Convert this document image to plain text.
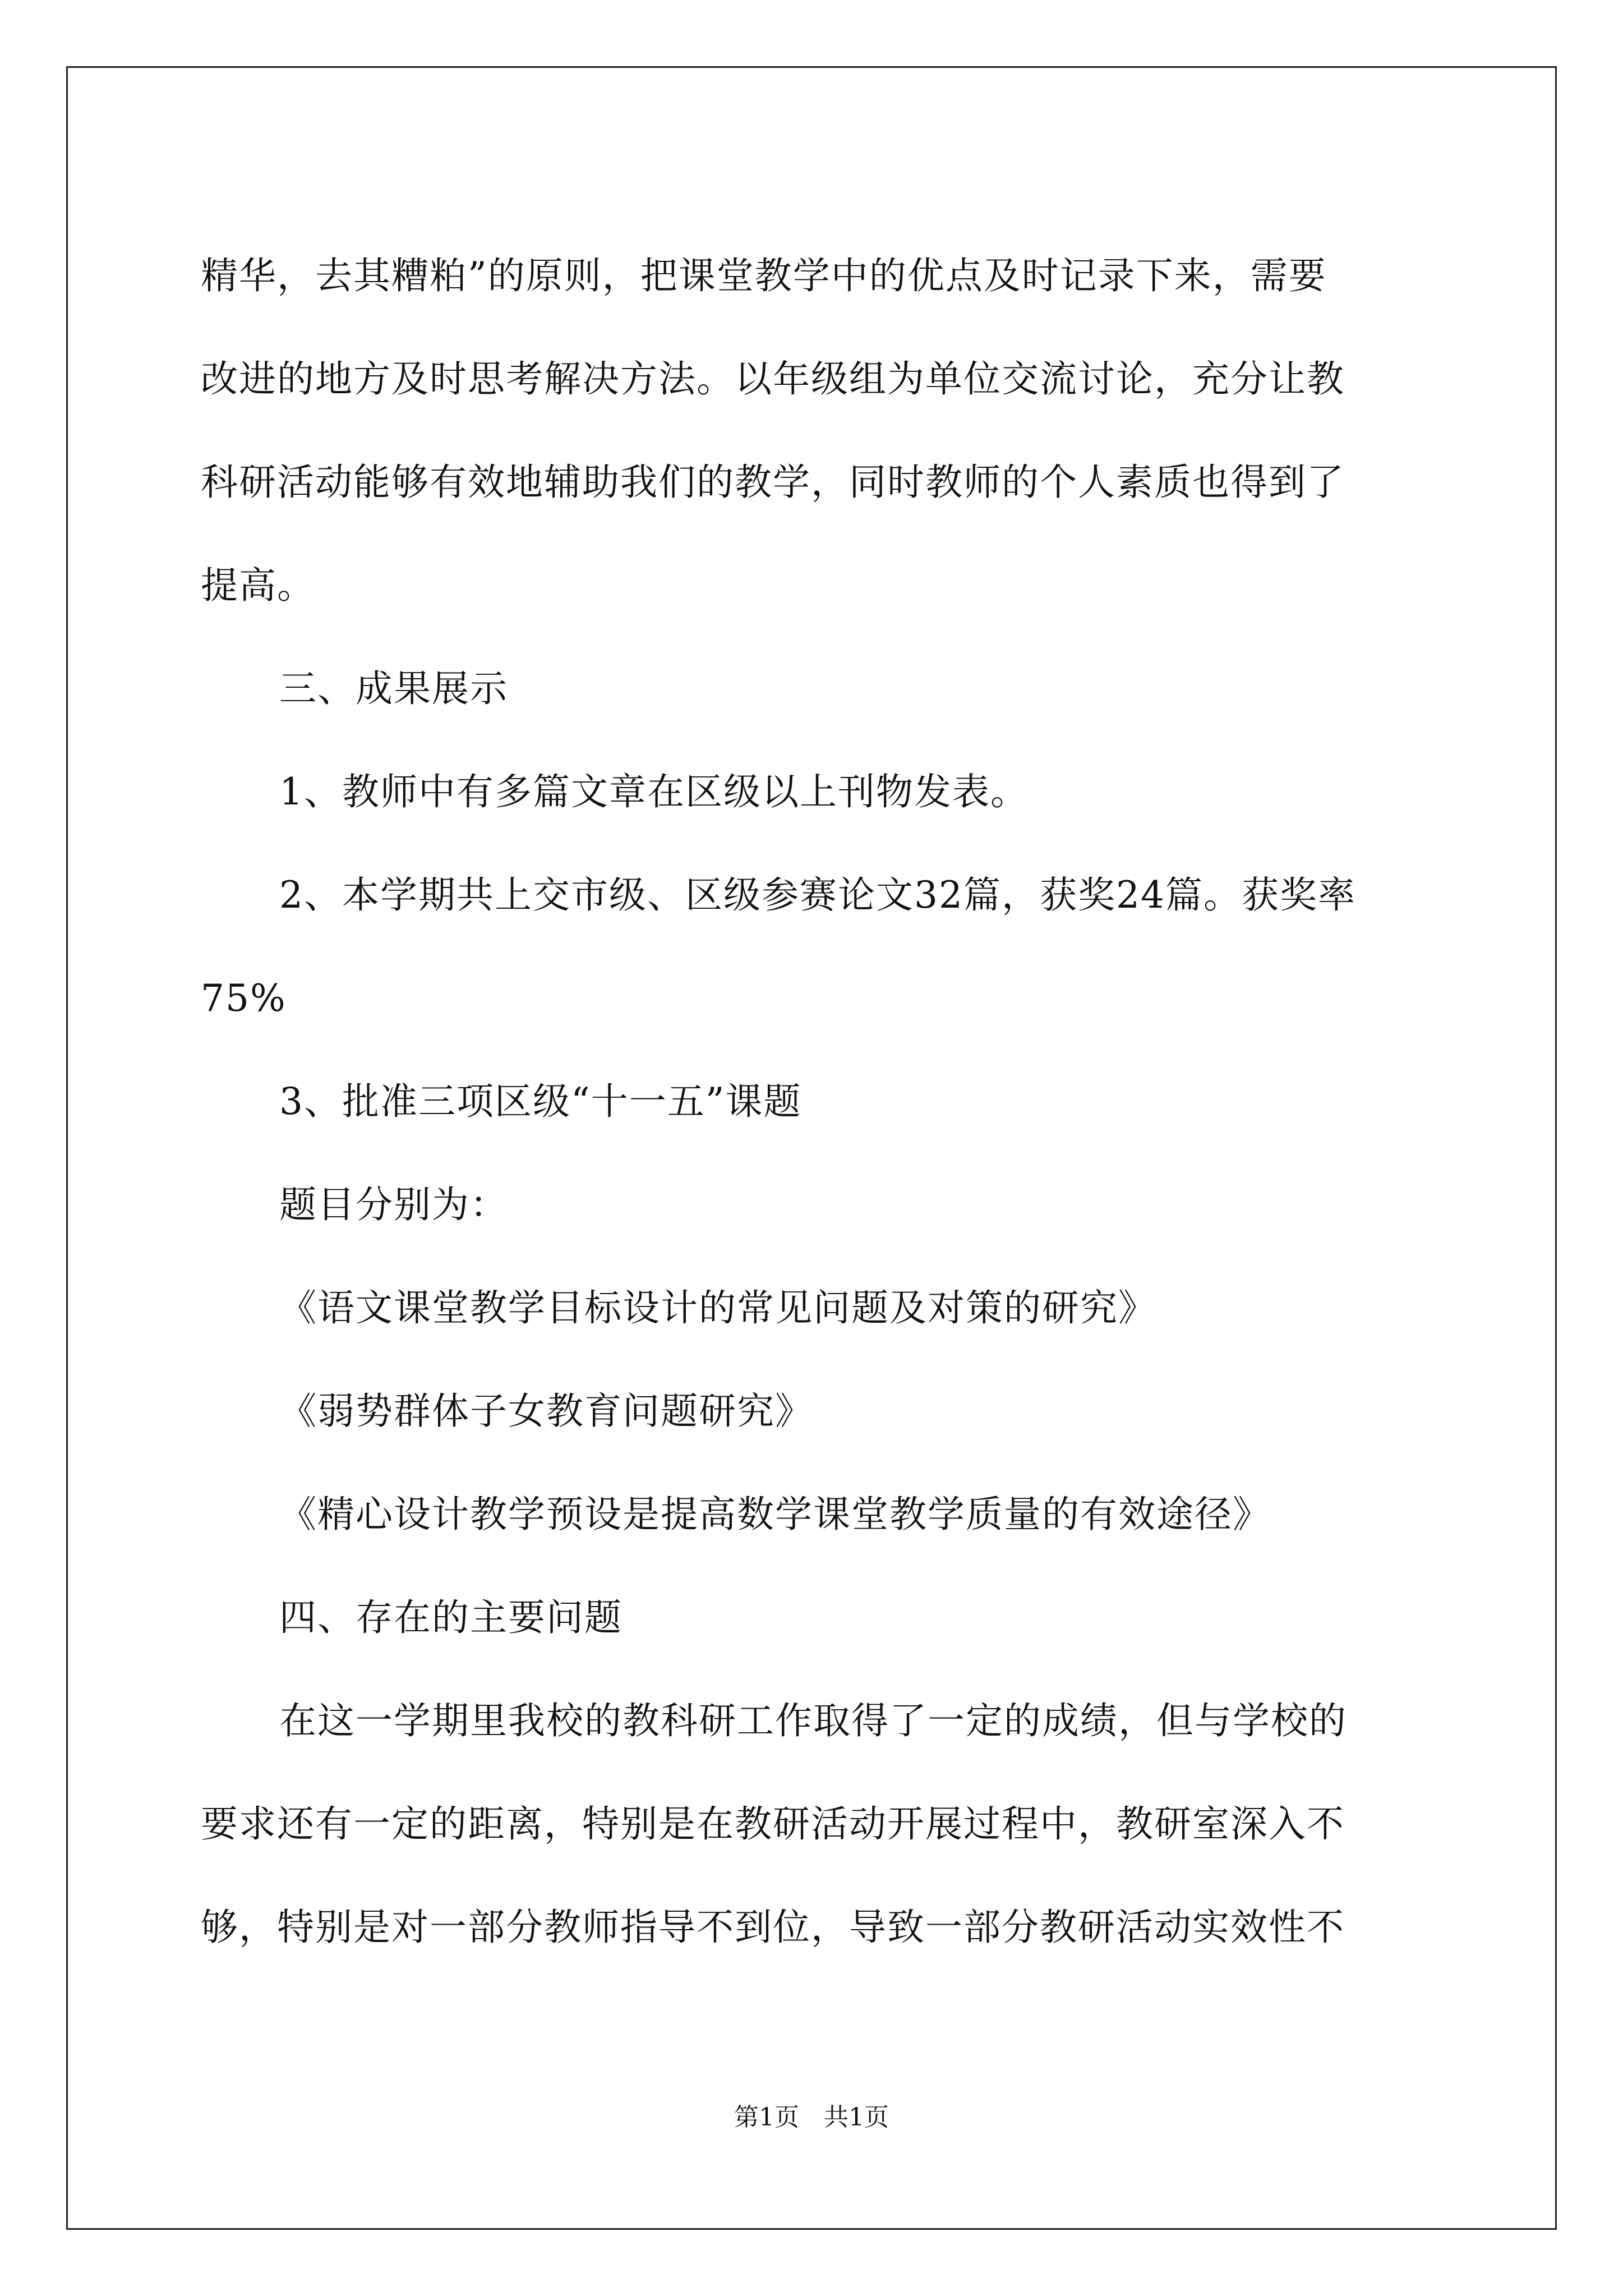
精华，去其糟粕”的原则，把课堂教学中的优点及时记录下来，需要
改进的地方及时思考解决方法。以年级组为单位交流讨论，充分让教
科研活动能够有效地辅助我们的教学，同时教师的个人素质也得到了
提高。
三、成果展示
1、教师中有多篇文章在区级以上刊物发表。
2、本学期共上交市级、区级参赛论文32篇，获奖24篇。获奖率
75%
3、批准三项区级“十一五”课题
题目分别为：
《语文课堂教学目标设计的常见问题及对策的研究》
《弱势群体子女教育问题研究》
《精心设计教学预设是提高数学课堂教学质量的有效途径》
四、存在的主要问题
在这一学期里我校的教科研工作取得了一定的成绩，但与学校的
要求还有一定的距离，特别是在教研活动开展过程中，教研室深入不
够，特别是对一部分教师指导不到位，导致一部分教研活动实效性不
第1页　共1页
